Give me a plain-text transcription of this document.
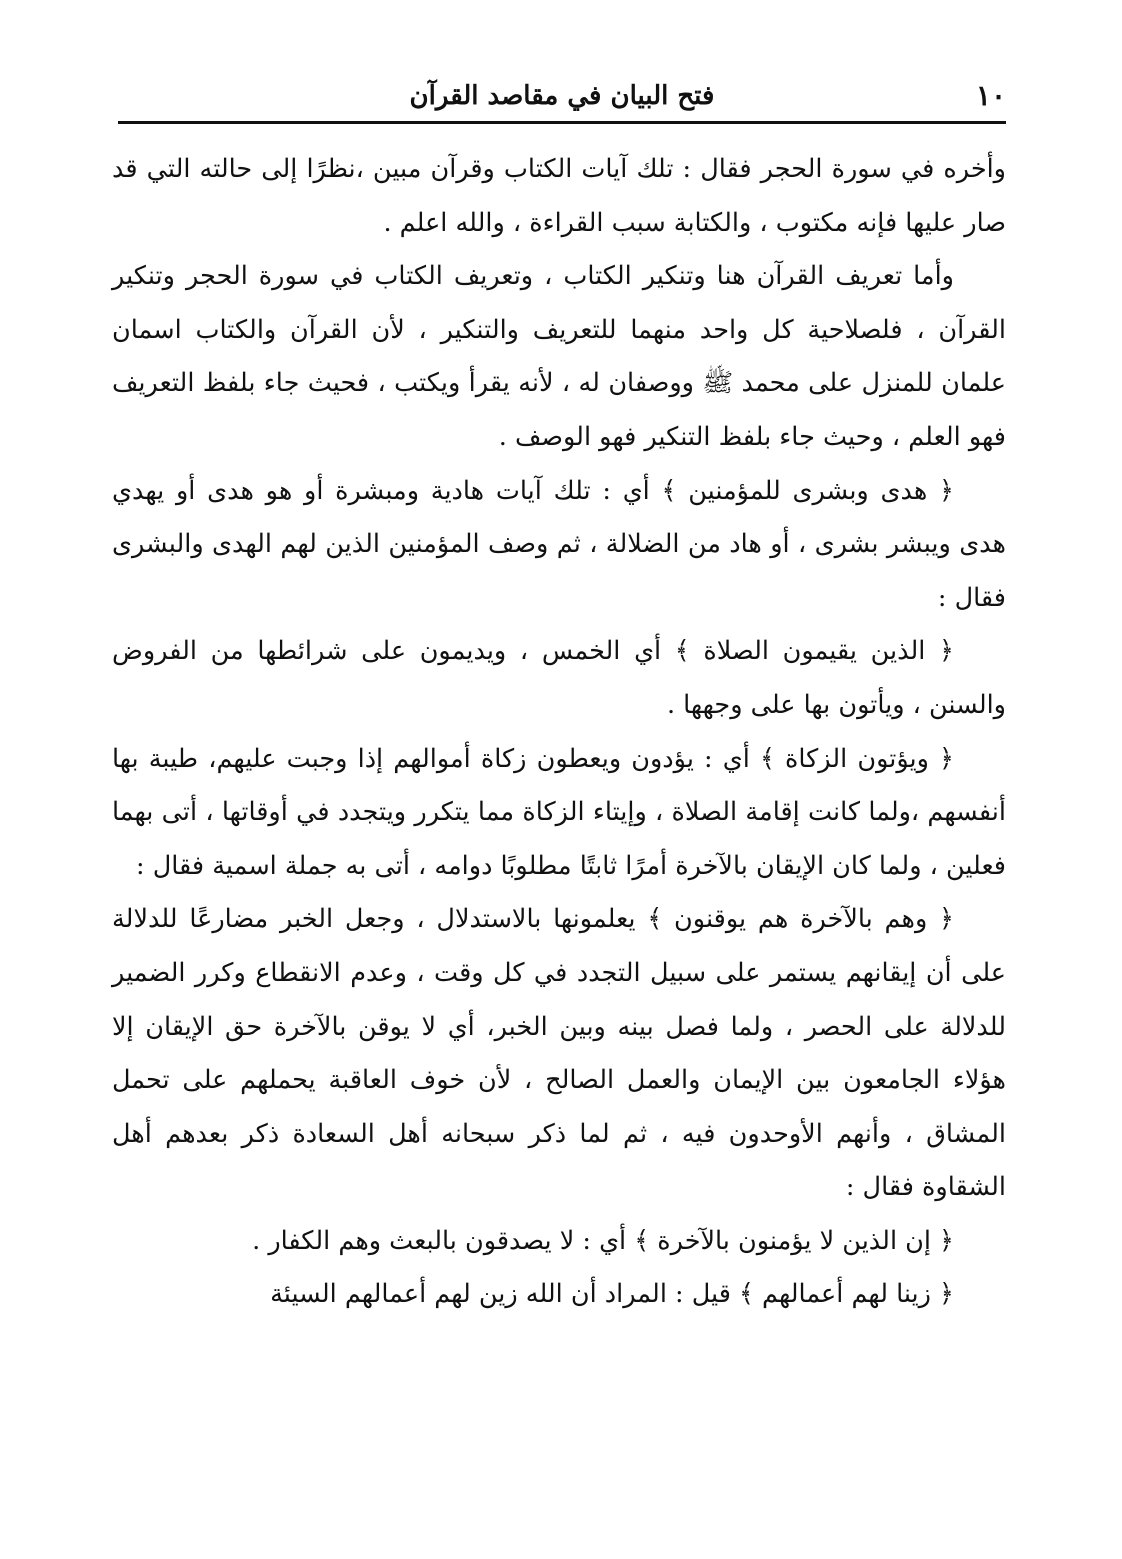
١٠
فتح البيان في مقاصد القرآن

وأخره في سورة الحجر فقال : تلك آيات الكتاب وقرآن مبين ،نظرًا إلى حالته التي قد صار عليها فإنه مكتوب ، والكتابة سبب القراءة ، والله اعلم .

وأما تعريف القرآن هنا وتنكير الكتاب ، وتعريف الكتاب في سورة الحجر وتنكير القرآن ، فلصلاحية كل واحد منهما للتعريف والتنكير ، لأن القرآن والكتاب اسمان علمان للمنزل على محمد ﷺ ووصفان له ، لأنه يقرأ ويكتب ، فحيث جاء بلفظ التعريف فهو العلم ، وحيث جاء بلفظ التنكير فهو الوصف .

﴿ هدى وبشرى للمؤمنين ﴾ أي : تلك آيات هادية ومبشرة أو هو هدى أو يهدي هدى ويبشر بشرى ، أو هاد من الضلالة ، ثم وصف المؤمنين الذين لهم الهدى والبشرى فقال :

﴿ الذين يقيمون الصلاة ﴾ أي الخمس ، ويديمون على شرائطها من الفروض والسنن ، ويأتون بها على وجهها .

﴿ ويؤتون الزكاة ﴾ أي : يؤدون ويعطون زكاة أموالهم إذا وجبت عليهم، طيبة بها أنفسهم ،ولما كانت إقامة الصلاة ، وإيتاء الزكاة مما يتكرر ويتجدد في أوقاتها ، أتى بهما فعلين ، ولما كان الإيقان بالآخرة أمرًا ثابتًا مطلوبًا دوامه ، أتى به جملة اسمية فقال :

﴿ وهم بالآخرة هم يوقنون ﴾ يعلمونها بالاستدلال ، وجعل الخبر مضارعًا للدلالة على أن إيقانهم يستمر على سبيل التجدد في كل وقت ، وعدم الانقطاع وكرر الضمير للدلالة على الحصر ، ولما فصل بينه وبين الخبر، أي لا يوقن بالآخرة حق الإيقان إلا هؤلاء الجامعون بين الإيمان والعمل الصالح ، لأن خوف العاقبة يحملهم على تحمل المشاق ، وأنهم الأوحدون فيه ، ثم لما ذكر سبحانه أهل السعادة ذكر بعدهم أهل الشقاوة فقال :

﴿ إن الذين لا يؤمنون بالآخرة ﴾ أي : لا يصدقون بالبعث وهم الكفار .

﴿ زينا لهم أعمالهم ﴾ قيل : المراد أن الله زين لهم أعمالهم السيئة
